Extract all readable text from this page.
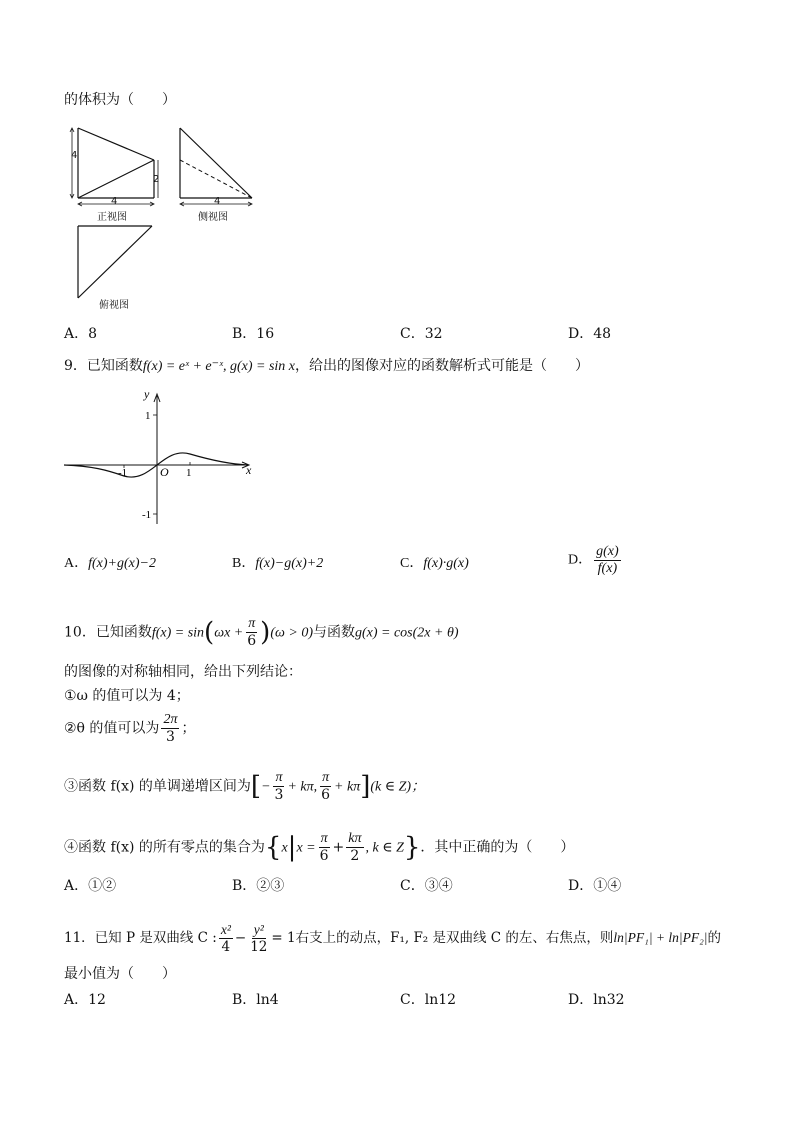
的体积为（　　）
4
2
4	4
正视图	侧视图
俯视图
A．8	B．16	C．32	D．48
9．已知函数f(x) = eˣ + e⁻ˣ, g(x) = sin x，给出的图像对应的函数解析式可能是（　　）
y
x
O
1
-1
1
-1
A．f(x)+g(x)−2	B．f(x)−g(x)+2	C．f(x)·g(x)	D． $\frac{g(x)}{f(x)}$
10．已知函数$f(x) = \sin(\omega x + \frac{\pi}{6} )(\omega > 0)$与函数g(x) = cos(2x + θ)
的图像的对称轴相同，给出下列结论：
①ω 的值可以为 4；
②θ 的值可以为 $\frac{2\pi}{3}$ ；
③函数 f(x) 的单调递增区间为[− $\frac{\pi}{3} + k\pi$, $\frac{\pi}{6} + k\pi](k$ ∈ Z)；
④函数 f(x) 的所有零点的集合为{$x|x = \frac{\pi}{6} + \frac{k\pi}{2}$ , k ∈ Z}．其中正确的为（　　）
A．①②	B．②③	C．③④	D．①④
11．已知 P 是双曲线 C : $\frac{\text{x²}}{4} - \frac{\text{y²}}{12} = 1$右支上的动点，F₁, F₂ 是双曲线 C 的左、右焦点，则ln|PF₁| + ln|PF₂|的
最小值为（　　）
A．12	B．ln4	C．ln12	D．ln32
